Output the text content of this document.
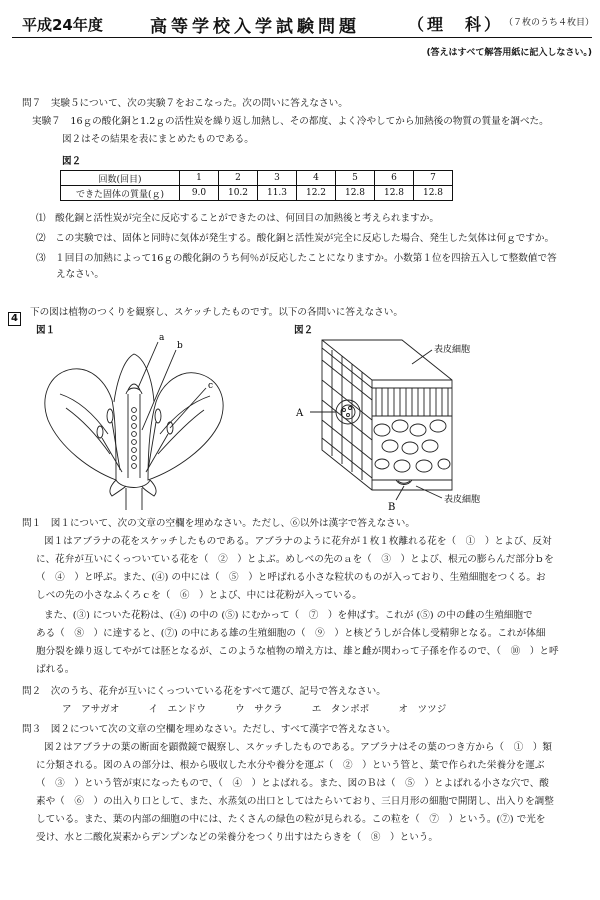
平成24年度	高等学校入学試験問題	（理　科） （７枚のうち４枚目）
(答えはすべて解答用紙に記入しなさい。)
問７　実験５について、次の実験７をおこなった。次の問いに答えなさい。
実験７　16ｇの酸化銅と1.2ｇの活性炭を繰り返し加熱し、その都度、よく冷やしてから加熱後の物質の質量を調べた。
図２はその結果を表にまとめたものである。
図２
回数(回目)	1	2	3	4	5	6	7
できた固体の質量(ｇ)	9.0	10.2	11.3	12.2	12.8	12.8	12.8
⑴　酸化銅と活性炭が完全に反応することができたのは、何回目の加熱後と考えられますか。
⑵　この実験では、固体と同時に気体が発生する。酸化銅と活性炭が完全に反応した場合、発生した気体は何ｇですか。
⑶　１回目の加熱によって16ｇの酸化銅のうち何％が反応したことになりますか。小数第１位を四捨五入して整数値で答
えなさい。
4
下の図は植物のつくりを観察し、スケッチしたものです。以下の各問いに答えなさい。
図１	図２
a
b
c
表皮細胞
A
B
表皮細胞
問１　図１について、次の文章の空欄を埋めなさい。ただし、⑥以外は漢字で答えなさい。
図１はアブラナの花をスケッチしたものである。アブラナのように花弁が１枚１枚離れる花を（　①　）とよび、反対
に、花弁が互いにくっついている花を（　②　）とよぶ。めしべの先のａを（　③　）とよび、根元の膨らんだ部分ｂを
（　④　）と呼ぶ。また、(④) の中には（　⑤　）と呼ばれる小さな粒状のものが入っており、生殖細胞をつくる。お
しべの先の小さなふくろｃを（　⑥　）とよび、中には花粉が入っている。
また、(③) についた花粉は、(④) の中の (⑤) にむかって（　⑦　）を伸ばす。これが (⑤) の中の雌の生殖細胞で
ある（　⑧　）に達すると、(⑦) の中にある雄の生殖細胞の（　⑨　）と核どうしが合体し受精卵となる。これが体細
胞分裂を繰り返してやがては胚となるが、このような植物の増え方は、雄と雌が関わって子孫を作るので、（　⑩　）と呼
ばれる。
問２　次のうち、花弁が互いにくっついている花をすべて選び、記号で答えなさい。
ア　アサガオ	イ　エンドウ	ウ　サクラ	エ　タンポポ	オ　ツツジ
問３　図２について次の文章の空欄を埋めなさい。ただし、すべて漢字で答えなさい。
図２はアブラナの葉の断面を顕微鏡で観察し、スケッチしたものである。アブラナはその葉のつき方から（　①　）類
に分類される。図のＡの部分は、根から吸収した水分や養分を運ぶ（　②　）という管と、葉で作られた栄養分を運ぶ
（　③　）という管が束になったもので、（　④　）とよばれる。また、図のＢは（　⑤　）とよばれる小さな穴で、酸
素や（　⑥　）の出入り口として、また、水蒸気の出口としてはたらいており、三日月形の細胞で開閉し、出入りを調整
している。また、葉の内部の細胞の中には、たくさんの緑色の粒が見られる。この粒を（　⑦　）という。(⑦) で光を
受け、水と二酸化炭素からデンプンなどの栄養分をつくり出すはたらきを（　⑧　）という。
